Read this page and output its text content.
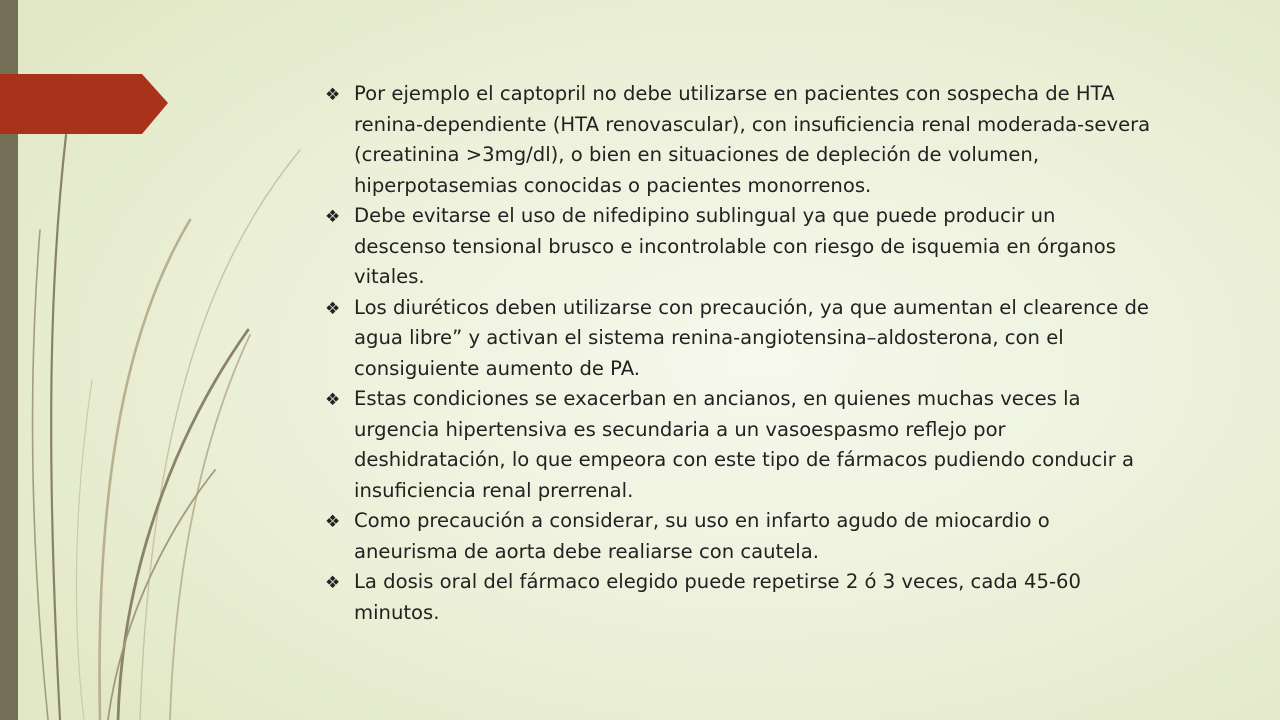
❖ Por ejemplo el captopril no debe utilizarse en pacientes con sospecha de HTA renina-dependiente (HTA renovascular), con insuficiencia renal moderada-severa (creatinina >3mg/dl), o bien en situaciones de depleción de volumen, hiperpotasemias conocidas o pacientes monorrenos.
❖ Debe evitarse el uso de nifedipino sublingual ya que puede producir un descenso tensional brusco e incontrolable con riesgo de isquemia en órganos vitales.
❖ Los diuréticos deben utilizarse con precaución, ya que aumentan el clearence de agua libre” y activan el sistema renina-angiotensina–aldosterona, con el consiguiente aumento de PA.
❖ Estas condiciones se exacerban en ancianos, en quienes muchas veces la urgencia hipertensiva es secundaria a un vasoespasmo reflejo por deshidratación, lo que empeora con este tipo de fármacos pudiendo conducir a insuficiencia renal prerrenal.
❖ Como precaución a considerar, su uso en infarto agudo de miocardio o aneurisma de aorta debe realiarse con cautela.
❖ La dosis oral del fármaco elegido puede repetirse 2 ó 3 veces, cada 45-60 minutos.
